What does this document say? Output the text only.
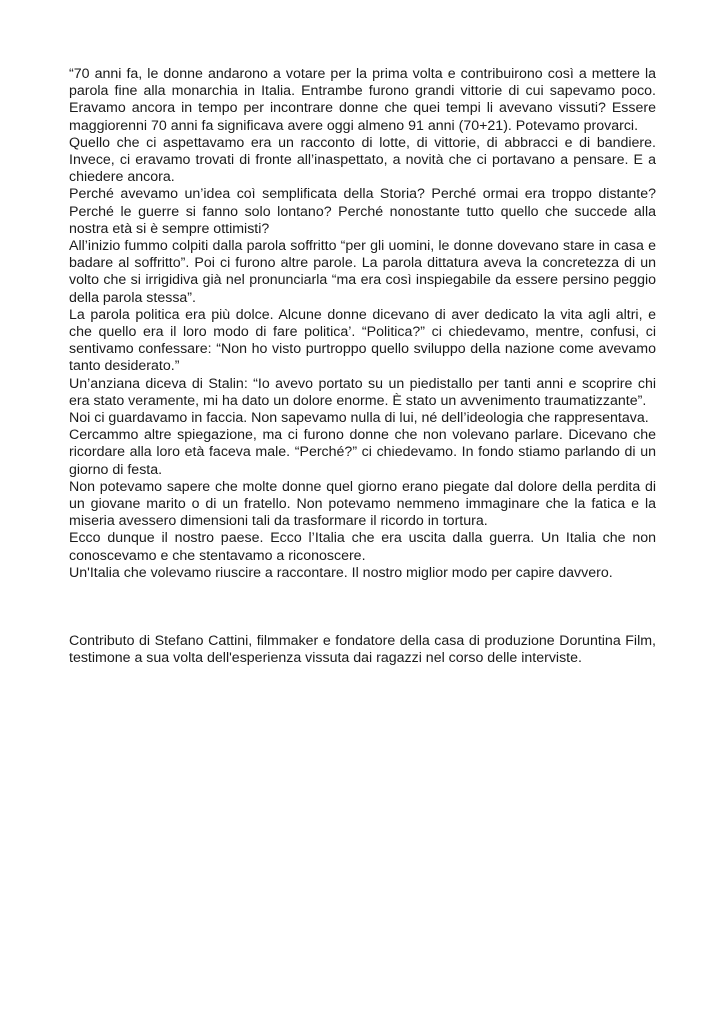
“70 anni fa, le donne andarono a votare per la prima volta e contribuirono così a mettere la parola fine alla monarchia in Italia. Entrambe furono grandi vittorie di cui sapevamo poco. Eravamo ancora in tempo per incontrare donne che quei tempi li avevano vissuti? Essere maggiorenni 70 anni fa significava avere oggi almeno 91 anni (70+21). Potevamo provarci.

Quello che ci aspettavamo era un racconto di lotte, di vittorie, di abbracci e di bandiere. Invece, ci eravamo trovati di fronte all’inaspettato, a novità che ci portavano a pensare. E a chiedere ancora.

Perché avevamo un’idea coì semplificata della Storia? Perché ormai era troppo distante? Perché le guerre si fanno solo lontano? Perché nonostante tutto quello che succede alla nostra età si è sempre ottimisti?

All’inizio fummo colpiti dalla parola soffritto “per gli uomini, le donne dovevano stare in casa e badare al soffritto”. Poi ci furono altre parole. La parola dittatura aveva la concretezza di un volto che si irrigidiva già nel pronunciarla “ma era così inspiegabile da essere persino peggio della parola stessa”.

La parola politica era più dolce. Alcune donne dicevano di aver dedicato la vita agli altri, e che quello era il loro modo di fare politica’. “Politica?” ci chiedevamo, mentre, confusi, ci sentivamo confessare: “Non ho visto purtroppo quello sviluppo della nazione come avevamo tanto desiderato.”

Un’anziana diceva di Stalin: “Io avevo portato su un piedistallo per tanti anni e scoprire chi era stato veramente, mi ha dato un dolore enorme. È stato un avvenimento traumatizzante”.

Noi ci guardavamo in faccia. Non sapevamo nulla di lui, né dell’ideologia che rappresentava.

Cercammo altre spiegazione, ma ci furono donne che non volevano parlare. Dicevano che ricordare alla loro età faceva male. “Perché?” ci chiedevamo. In fondo stiamo parlando di un giorno di festa.

Non potevamo sapere che molte donne quel giorno erano piegate dal dolore della perdita di un giovane marito o di un fratello. Non potevamo nemmeno immaginare che la fatica e la miseria avessero dimensioni tali da trasformare il ricordo in tortura.

Ecco dunque il nostro paese. Ecco l’Italia che era uscita dalla guerra. Un Italia che non conoscevamo e che stentavamo a riconoscere.

Un'Italia che volevamo riuscire a raccontare. Il nostro miglior modo per capire davvero.

Contributo di Stefano Cattini, filmmaker e fondatore della casa di produzione Doruntina Film, testimone a sua volta dell'esperienza vissuta dai ragazzi nel corso delle interviste.
